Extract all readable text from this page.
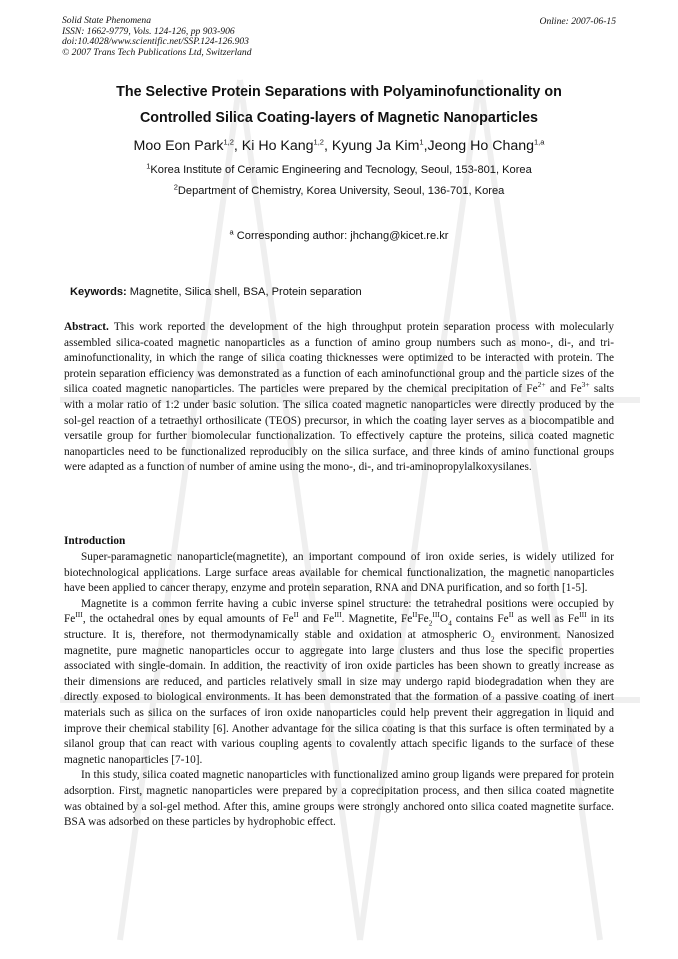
Solid State Phenomena
ISSN: 1662-9779, Vols. 124-126, pp 903-906
doi:10.4028/www.scientific.net/SSP.124-126.903
© 2007 Trans Tech Publications Ltd, Switzerland
Online: 2007-06-15
The Selective Protein Separations with Polyaminofunctionality on
Controlled Silica Coating-layers of Magnetic Nanoparticles
Moo Eon Park$^{1,2}$, Ki Ho Kang$^{1,2}$, Kyung Ja Kim$^1$,Jeong Ho Chang$^{1,a}$
$^1$Korea Institute of Ceramic Engineering and Tecnology, Seoul, 153-801, Korea
$^2$Department of Chemistry, Korea University, Seoul, 136-701, Korea
$^a$ Corresponding author: jhchang@kicet.re.kr
Keywords: Magnetite, Silica shell, BSA, Protein separation

Abstract. This work reported the development of the high throughput protein separation process with molecularly assembled silica-coated magnetic nanoparticles as a function of amino group numbers such as mono-, di-, and tri-aminofunctionality, in which the range of silica coating thicknesses were optimized to be interacted with protein. The protein separation efficiency was demonstrated as a function of each aminofunctional group and the particle sizes of the silica coated magnetic nanoparticles. The particles were prepared by the chemical precipitation of $Fe^{2+}$ and $Fe^{3+}$ salts with a molar ratio of 1:2 under basic solution. The silica coated magnetic nanoparticles were directly produced by the sol-gel reaction of a tetraethyl orthosilicate (TEOS) precursor, in which the coating layer serves as a biocompatible and versatile group for further biomolecular functionalization. To effectively capture the proteins, silica coated magnetic nanoparticles need to be functionalized reproducibly on the silica surface, and three kinds of amino functional groups were adapted as a function of number of amine using the mono-, di-, and tri-aminopropylalkoxysilanes.

Introduction

Super-paramagnetic nanoparticle(magnetite), an important compound of iron oxide series, is widely utilized for biotechnological applications. Large surface areas available for chemical functionalization, the magnetic nanoparticles have been applied to cancer therapy, enzyme and protein separation, RNA and DNA purification, and so forth [1-5].

Magnetite is a common ferrite having a cubic inverse spinel structure: the tetrahedral positions were occupied by $Fe^{III}$, the octahedral ones by equal amounts of $Fe^{II}$ and $Fe^{III}$. Magnetite, $Fe^{II}Fe_2^{III}O_4$ contains $Fe^{II}$ as well as $Fe^{III}$ in its structure. It is, therefore, not thermodynamically stable and oxidation at atmospheric $O_2$ environment. Nanosized magnetite, pure magnetic nanoparticles occur to aggregate into large clusters and thus lose the specific properties associated with single-domain. In addition, the reactivity of iron oxide particles has been shown to greatly increase as their dimensions are reduced, and particles relatively small in size may undergo rapid biodegradation when they are directly exposed to biological environments. It has been demonstrated that the formation of a passive coating of inert materials such as silica on the surfaces of iron oxide nanoparticles could help prevent their aggregation in liquid and improve their chemical stability [6]. Another advantage for the silica coating is that this surface is often terminated by a silanol group that can react with various coupling agents to covalently attach specific ligands to the surface of these magnetic nanoparticles [7-10].

In this study, silica coated magnetic nanoparticles with functionalized amino group ligands were prepared for protein adsorption. First, magnetic nanoparticles were prepared by a coprecipitation process, and then silica coated magnetite was obtained by a sol-gel method. After this, amine groups were strongly anchored onto silica coated magnetite surface. BSA was adsorbed on these particles by hydrophobic effect.
